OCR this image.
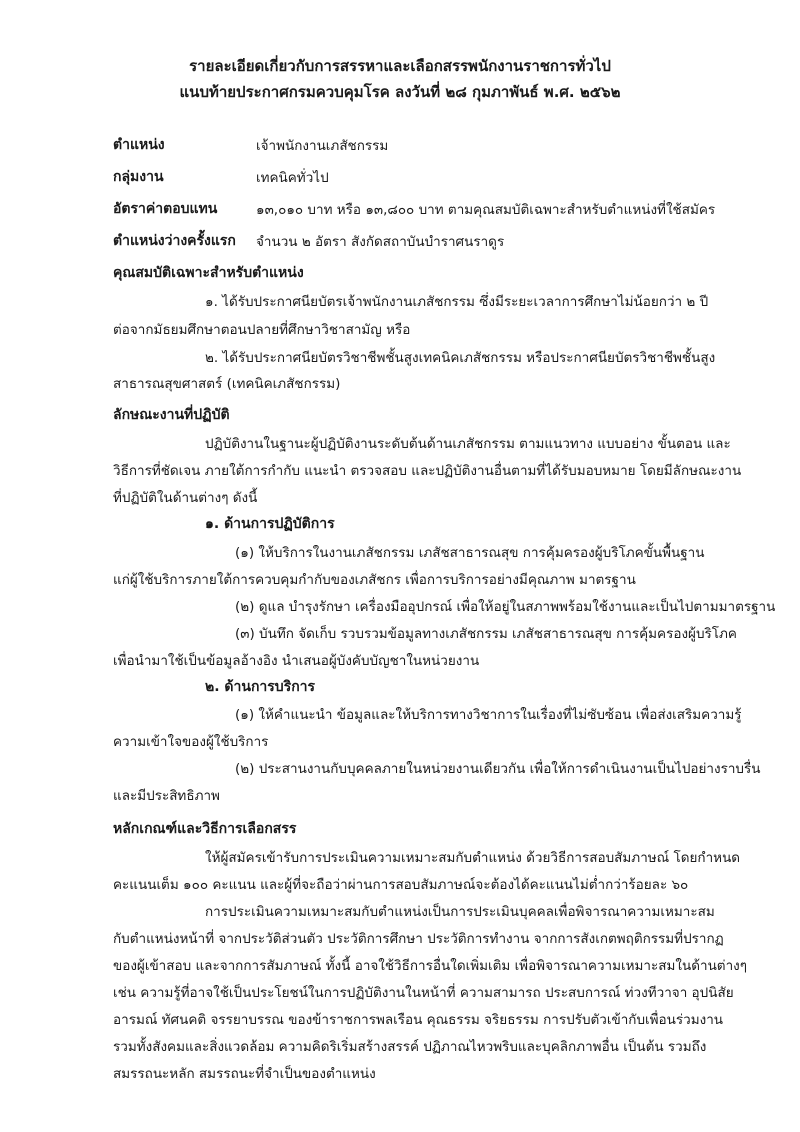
รายละเอียดเกี่ยวกับการสรรหาและเลือกสรรพนักงานราชการทั่วไป
แนบท้ายประกาศกรมควบคุมโรค ลงวันที่ ๒๘ กุมภาพันธ์ พ.ศ. ๒๕๖๒
ตำแหน่ง	เจ้าพนักงานเภสัชกรรม
กลุ่มงาน	เทคนิคทั่วไป
อัตราค่าตอบแทน	๑๓,๐๑๐ บาท หรือ ๑๓,๘๐๐ บาท ตามคุณสมบัติเฉพาะสำหรับตำแหน่งที่ใช้สมัคร
ตำแหน่งว่างครั้งแรก จำนวน ๒ อัตรา สังกัดสถาบันบำราศนราดูร
คุณสมบัติเฉพาะสำหรับตำแหน่ง
๑. ได้รับประกาศนียบัตรเจ้าพนักงานเภสัชกรรม ซึ่งมีระยะเวลาการศึกษาไม่น้อยกว่า ๒ ปี
ต่อจากมัธยมศึกษาตอนปลายที่ศึกษาวิชาสามัญ หรือ
๒. ได้รับประกาศนียบัตรวิชาชีพชั้นสูงเทคนิคเภสัชกรรม หรือประกาศนียบัตรวิชาชีพชั้นสูง
สาธารณสุขศาสตร์ (เทคนิคเภสัชกรรม)
ลักษณะงานที่ปฏิบัติ
ปฏิบัติงานในฐานะผู้ปฏิบัติงานระดับต้นด้านเภสัชกรรม ตามแนวทาง แบบอย่าง ขั้นตอน และ
วิธีการที่ชัดเจน ภายใต้การกำกับ แนะนำ ตรวจสอบ และปฏิบัติงานอื่นตามที่ได้รับมอบหมาย โดยมีลักษณะงาน
ที่ปฏิบัติในด้านต่างๆ ดังนี้
๑. ด้านการปฏิบัติการ
(๑) ให้บริการในงานเภสัชกรรม เภสัชสาธารณสุข การคุ้มครองผู้บริโภคขั้นพื้นฐาน
แก่ผู้ใช้บริการภายใต้การควบคุมกำกับของเภสัชกร เพื่อการบริการอย่างมีคุณภาพ มาตรฐาน
(๒) ดูแล บำรุงรักษา เครื่องมืออุปกรณ์ เพื่อให้อยู่ในสภาพพร้อมใช้งานและเป็นไปตามมาตรฐาน
(๓) บันทึก จัดเก็บ รวบรวมข้อมูลทางเภสัชกรรม เภสัชสาธารณสุข การคุ้มครองผู้บริโภค
เพื่อนำมาใช้เป็นข้อมูลอ้างอิง นำเสนอผู้บังคับบัญชาในหน่วยงาน
๒. ด้านการบริการ
(๑) ให้คำแนะนำ ข้อมูลและให้บริการทางวิชาการในเรื่องที่ไม่ซับซ้อน เพื่อส่งเสริมความรู้
ความเข้าใจของผู้ใช้บริการ
(๒) ประสานงานกับบุคคลภายในหน่วยงานเดียวกัน เพื่อให้การดำเนินงานเป็นไปอย่างราบรื่น
และมีประสิทธิภาพ
หลักเกณฑ์และวิธีการเลือกสรร
ให้ผู้สมัครเข้ารับการประเมินความเหมาะสมกับตำแหน่ง ด้วยวิธีการสอบสัมภาษณ์ โดยกำหนด
คะแนนเต็ม ๑๐๐ คะแนน และผู้ที่จะถือว่าผ่านการสอบสัมภาษณ์จะต้องได้คะแนนไม่ต่ำกว่าร้อยละ ๖๐
การประเมินความเหมาะสมกับตำแหน่งเป็นการประเมินบุคคลเพื่อพิจารณาความเหมาะสม
กับตำแหน่งหน้าที่ จากประวัติส่วนตัว ประวัติการศึกษา ประวัติการทำงาน จากการสังเกตพฤติกรรมที่ปรากฏ
ของผู้เข้าสอบ และจากการสัมภาษณ์ ทั้งนี้ อาจใช้วิธีการอื่นใดเพิ่มเติม เพื่อพิจารณาความเหมาะสมในด้านต่างๆ
เช่น ความรู้ที่อาจใช้เป็นประโยชน์ในการปฏิบัติงานในหน้าที่ ความสามารถ ประสบการณ์ ท่วงทีวาจา อุปนิสัย
อารมณ์ ทัศนคติ จรรยาบรรณ ของข้าราชการพลเรือน คุณธรรม จริยธรรม การปรับตัวเข้ากับเพื่อนร่วมงาน
รวมทั้งสังคมและสิ่งแวดล้อม ความคิดริเริ่มสร้างสรรค์ ปฏิภาณไหวพริบและบุคลิกภาพอื่น เป็นต้น รวมถึง
สมรรถนะหลัก สมรรถนะที่จำเป็นของตำแหน่ง
